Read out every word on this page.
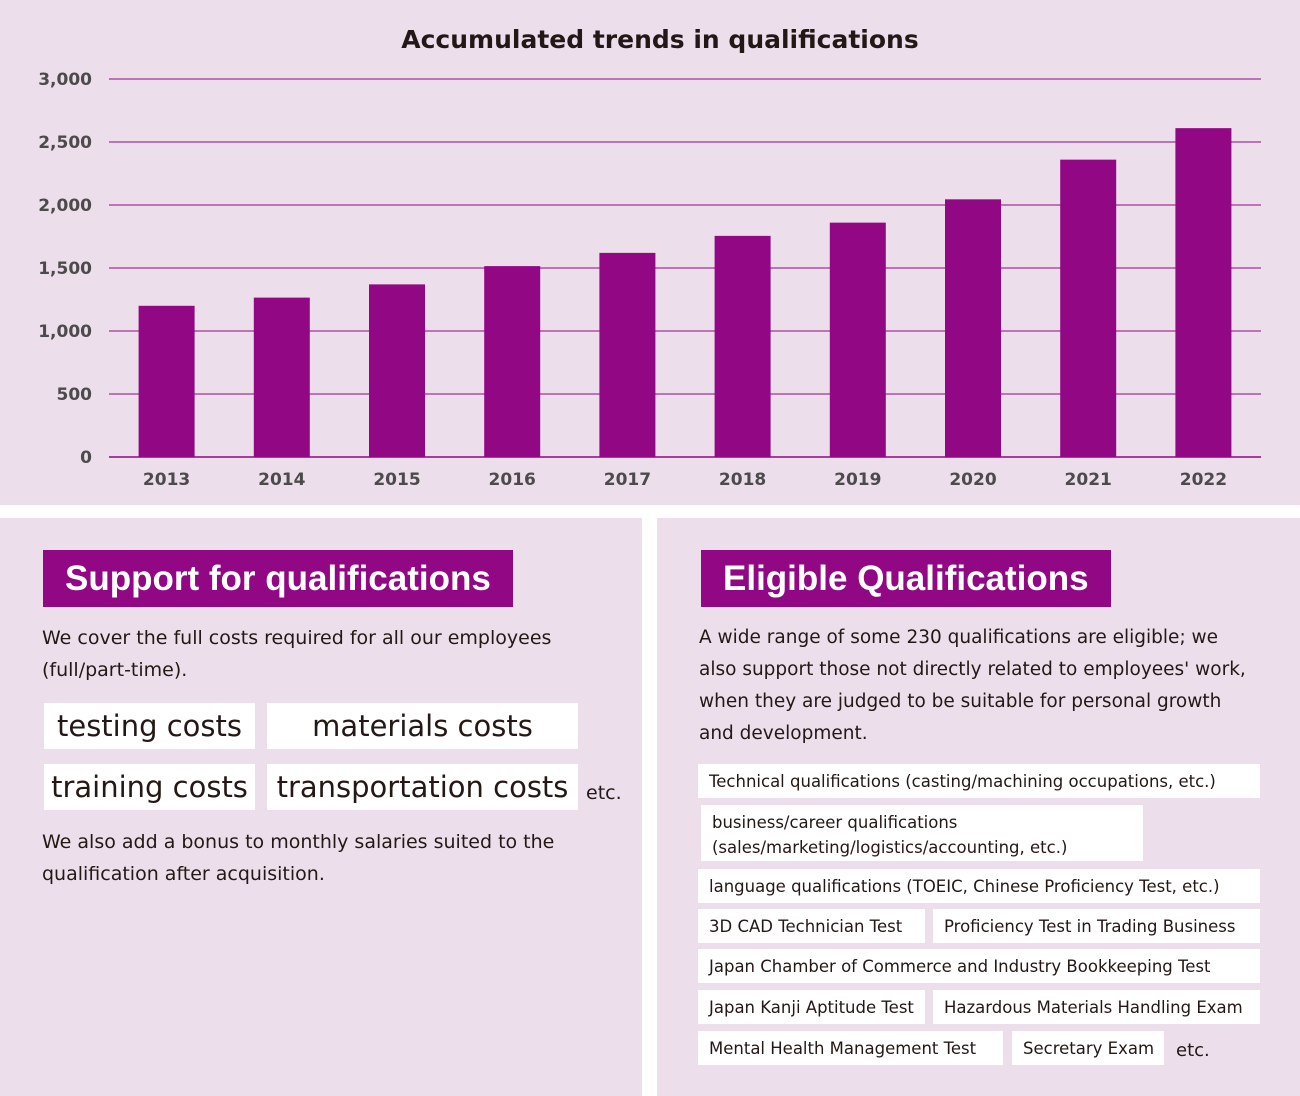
Accumulated trends in qualifications
0
500
1,000
1,500
2,000
2,500
3,000
2013	2014	2015	2016	2017	2018	2019	2020	2021	2022
Support for qualifications

We cover the full costs required for all our employees
(full/part-time).

testing costs	materials costs
training costs transportation costs etc.

We also add a bonus to monthly salaries suited to the
qualification after acquisition.

Eligible Qualifications

A wide range of some 230 qualifications are eligible; we
also support those not directly related to employees' work,
when they are judged to be suitable for personal growth
and development.

Technical qualifications (casting/machining occupations, etc.)
business/career qualifications
(sales/marketing/logistics/accounting, etc.)
language qualifications (TOEIC, Chinese Proficiency Test, etc.)
3D CAD Technician Test	Proficiency Test in Trading Business
Japan Chamber of Commerce and Industry Bookkeeping Test
Japan Kanji Aptitude Test	Hazardous Materials Handling Exam
Mental Health Management Test	Secretary Exam	etc.
